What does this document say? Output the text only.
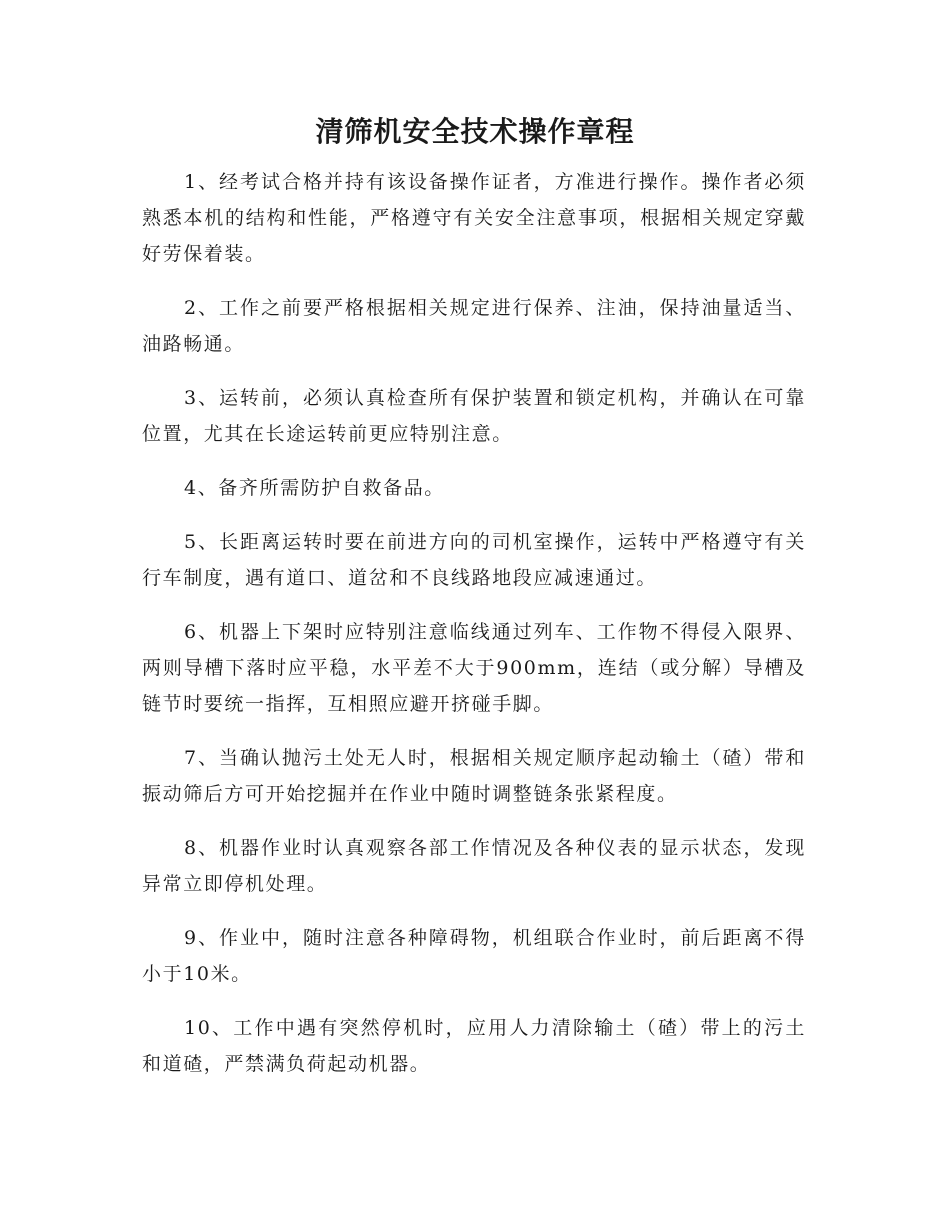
清筛机安全技术操作章程

1、经考试合格并持有该设备操作证者，方准进行操作。操作者必须熟悉本机的结构和性能，严格遵守有关安全注意事项，根据相关规定穿戴好劳保着装。

2、工作之前要严格根据相关规定进行保养、注油，保持油量适当、油路畅通。

3、运转前，必须认真检查所有保护装置和锁定机构，并确认在可靠位置，尤其在长途运转前更应特别注意。

4、备齐所需防护自救备品。

5、长距离运转时要在前进方向的司机室操作，运转中严格遵守有关行车制度，遇有道口、道岔和不良线路地段应减速通过。

6、机器上下架时应特别注意临线通过列车、工作物不得侵入限界、两则导槽下落时应平稳，水平差不大于900mm，连结（或分解）导槽及链节时要统一指挥，互相照应避开挤碰手脚。

7、当确认抛污土处无人时，根据相关规定顺序起动输土（碴）带和振动筛后方可开始挖掘并在作业中随时调整链条张紧程度。

8、机器作业时认真观察各部工作情况及各种仪表的显示状态，发现异常立即停机处理。

9、作业中，随时注意各种障碍物，机组联合作业时，前后距离不得小于10米。

10、工作中遇有突然停机时，应用人力清除输土（碴）带上的污土和道碴，严禁满负荷起动机器。
